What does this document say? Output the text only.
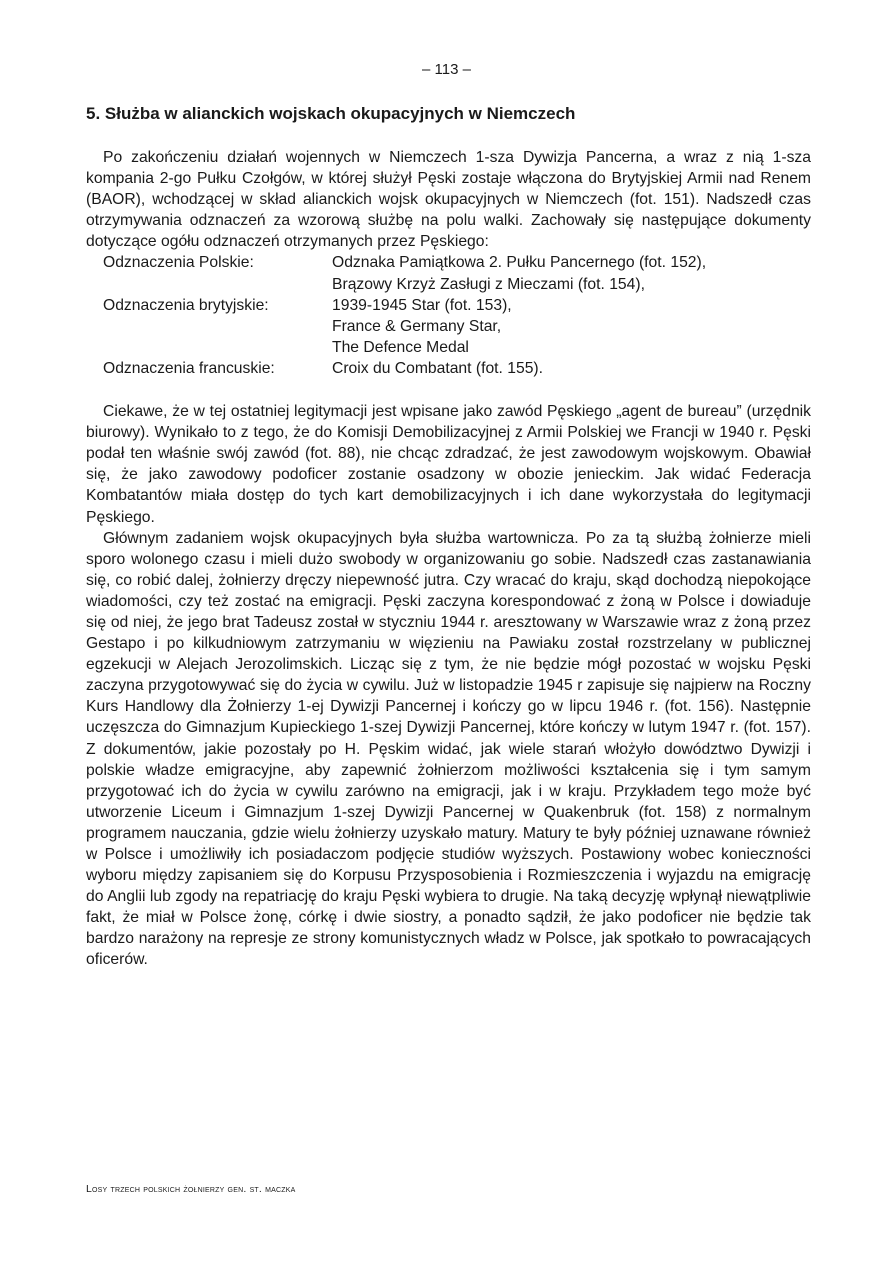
– 113 –
5. Służba w alianckich wojskach okupacyjnych w Niemczech

Po zakończeniu działań wojennych w Niemczech 1-sza Dywizja Pancerna, a wraz z nią 1-sza kompania 2-go Pułku Czołgów, w której służył Pęski zostaje włączona do Brytyjskiej Armii nad Renem (BAOR), wchodzącej w skład alianckich wojsk okupacyjnych w Niemczech (fot. 151). Nadszedł czas otrzymywania odznaczeń za wzorową służbę na polu walki. Zachowały się następujące dokumenty dotyczące ogółu odznaczeń otrzymanych przez Pęskiego:

Odznaczenia Polskie:	Odznaka Pamiątkowa 2. Pułku Pancernego (fot. 152),
Brązowy Krzyż Zasługi z Mieczami (fot. 154),
Odznaczenia brytyjskie:	1939-1945 Star (fot. 153),
France & Germany Star,
The Defence Medal
Odznaczenia francuskie:	Croix du Combatant (fot. 155).

Ciekawe, że w tej ostatniej legitymacji jest wpisane jako zawód Pęskiego „agent de bureau” (urzędnik biurowy). Wynikało to z tego, że do Komisji Demobilizacyjnej z Armii Polskiej we Francji w 1940 r. Pęski podał ten właśnie swój zawód (fot. 88), nie chcąc zdradzać, że jest zawodowym wojskowym. Obawiał się, że jako zawodowy podoficer zostanie osadzony w obozie jenieckim. Jak widać Federacja Kombatantów miała dostęp do tych kart demobilizacyjnych i ich dane wykorzystała do legitymacji Pęskiego.

Głównym zadaniem wojsk okupacyjnych była służba wartownicza. Po za tą służbą żołnierze mieli sporo wolonego czasu i mieli dużo swobody w organizowaniu go sobie. Nadszedł czas zastanawiania się, co robić dalej, żołnierzy dręczy niepewność jutra. Czy wracać do kraju, skąd dochodzą niepokojące wiadomości, czy też zostać na emigracji. Pęski zaczyna korespondować z żoną w Polsce i dowiaduje się od niej, że jego brat Tadeusz został w styczniu 1944 r. aresztowany w Warszawie wraz z żoną przez Gestapo i po kilkudniowym zatrzymaniu w więzieniu na Pawiaku został rozstrzelany w publicznej egzekucji w Alejach Jerozolimskich. Licząc się z tym, że nie będzie mógł pozostać w wojsku Pęski zaczyna przygotowywać się do życia w cywilu. Już w listopadzie 1945 r zapisuje się najpierw na Roczny Kurs Handlowy dla Żołnierzy 1-ej Dywizji Pancernej i kończy go w lipcu 1946 r. (fot. 156). Następnie uczęszcza do Gimnazjum Kupieckiego 1-szej Dywizji Pancernej, które kończy w lutym 1947 r. (fot. 157). Z dokumentów, jakie pozostały po H. Pęskim widać, jak wiele starań włożyło dowództwo Dywizji i polskie władze emigracyjne, aby zapewnić żołnierzom możliwości kształcenia się i tym samym przygotować ich do życia w cywilu zarówno na emigracji, jak i w kraju. Przykładem tego może być utworzenie Liceum i Gimnazjum 1-szej Dywizji Pancernej w Quakenbruk (fot. 158) z normalnym programem nauczania, gdzie wielu żołnierzy uzyskało matury. Matury te były później uznawane również w Polsce i umożliwiły ich posiadaczom podjęcie studiów wyższych. Postawiony wobec konieczności wyboru między zapisaniem się do Korpusu Przysposobienia i Rozmieszczenia i wyjazdu na emigrację do Anglii lub zgody na repatriację do kraju Pęski wybiera to drugie. Na taką decyzję wpłynął niewątpliwie fakt, że miał w Polsce żonę, córkę i dwie siostry, a ponadto sądził, że jako podoficer nie będzie tak bardzo narażony na represje ze strony komunistycznych władz w Polsce, jak spotkało to powracających oficerów.

Losy trzech polskich żołnierzy gen. st. maczka
